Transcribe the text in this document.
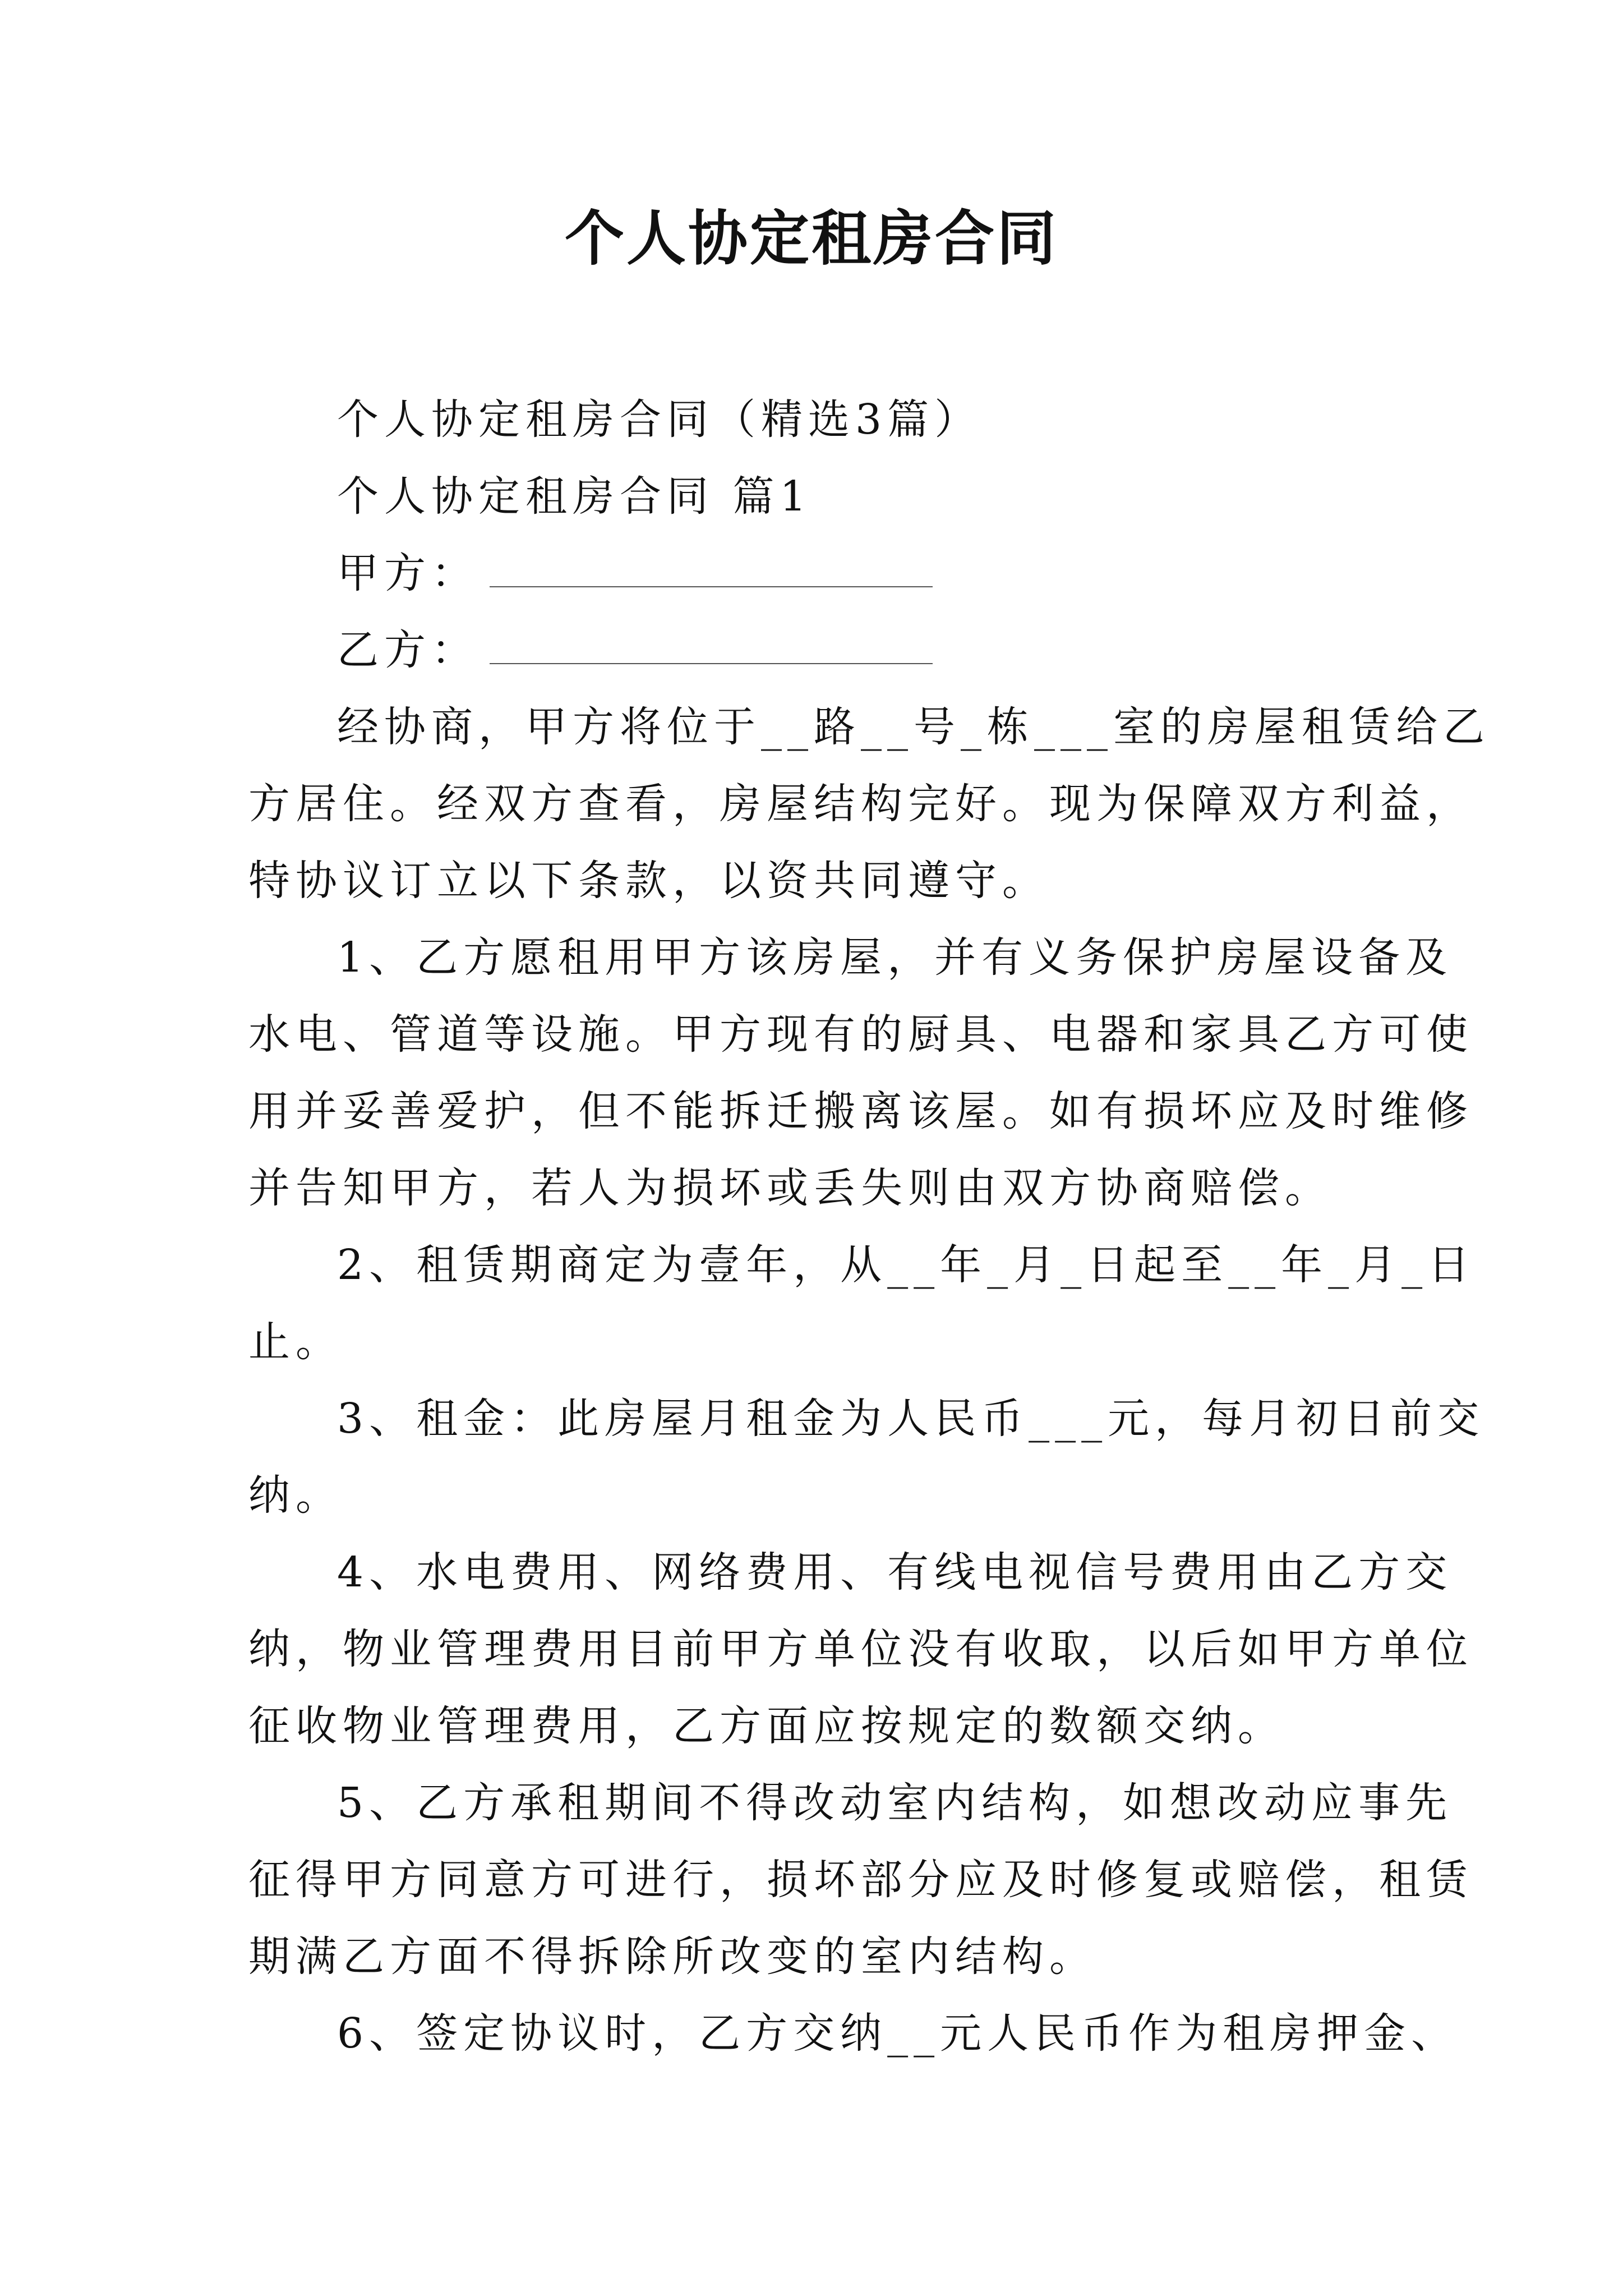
个人协定租房合同
个人协定租房合同（精选3篇）
个人协定租房合同 篇1
甲方：
乙方：
经协商，甲方将位于__路__号_栋___室的房屋租赁给乙
方居住。经双方查看，房屋结构完好。现为保障双方利益，
特协议订立以下条款，以资共同遵守。
1、乙方愿租用甲方该房屋，并有义务保护房屋设备及
水电、管道等设施。甲方现有的厨具、电器和家具乙方可使
用并妥善爱护，但不能拆迁搬离该屋。如有损坏应及时维修
并告知甲方，若人为损坏或丢失则由双方协商赔偿。
2、租赁期商定为壹年，从__年_月_日起至__年_月_日
止。
3、租金：此房屋月租金为人民币___元，每月初日前交
纳。
4、水电费用、网络费用、有线电视信号费用由乙方交
纳，物业管理费用目前甲方单位没有收取，以后如甲方单位
征收物业管理费用，乙方面应按规定的数额交纳。
5、乙方承租期间不得改动室内结构，如想改动应事先
征得甲方同意方可进行，损坏部分应及时修复或赔偿，租赁
期满乙方面不得拆除所改变的室内结构。
6、签定协议时，乙方交纳__元人民币作为租房押金、
